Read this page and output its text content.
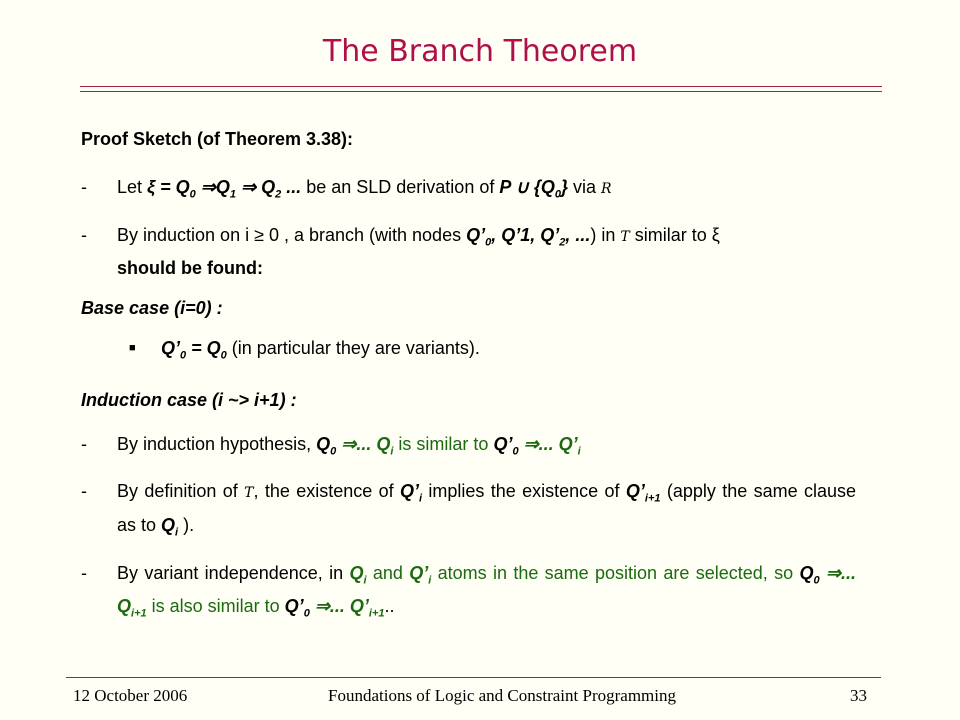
The Branch Theorem

Proof Sketch (of Theorem 3.38):

-	Let $\xi = Q_0$ $\Rightarrow Q_1$ ⇒ $Q_2$ ... be an SLD derivation of P ∪ $\{Q_0\}$ via R
-	By induction on i ≥ 0 , a branch (with nodes $Q’_0$, Q’1, $Q’_2$, ...) in T similar to ξ
should be found:

Base case (i=0) :

■	$Q’_0 = Q_0$ (in particular they are variants).

Induction case (i ~> i+1) :

-	By induction hypothesis, $Q_0$ ⇒... $Q_i$ is similar to $Q’_0$ ⇒... $Q’_i$
-	By definition of T, the existence of $Q’_i$ implies the existence of $Q’_{i+1}$ (apply the same clause as to $Q_i$ ).
-	By variant independence, in $Q_i$ and $Q’_i$ atoms in the same position are selected, so $Q_0$ ⇒... $Q_{i+1}$ is also similar to $Q’_0$ ⇒... $Q’_{i+1}$..
12 October 2006	Foundations of Logic and Constraint Programming	33
